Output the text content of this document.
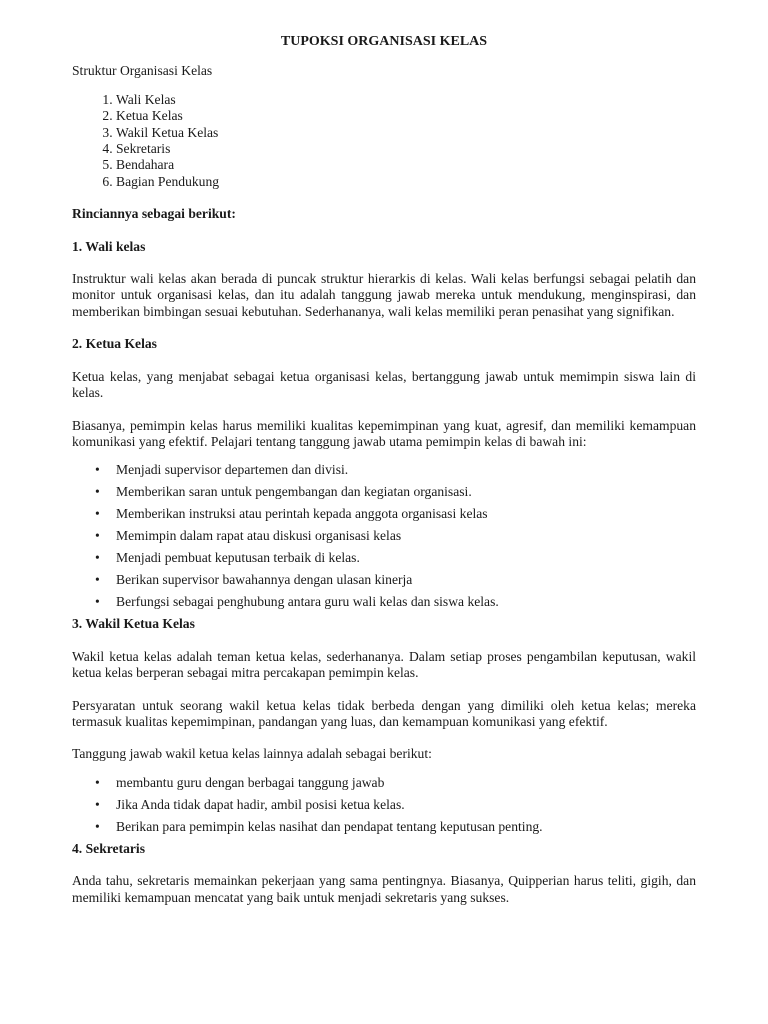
TUPOKSI ORGANISASI KELAS

Struktur Organisasi Kelas

1. Wali Kelas
2. Ketua Kelas
3. Wakil Ketua Kelas
4. Sekretaris
5. Bendahara
6. Bagian Pendukung

Rinciannya sebagai berikut:

1. Wali kelas

Instruktur wali kelas akan berada di puncak struktur hierarkis di kelas. Wali kelas berfungsi sebagai pelatih dan monitor untuk organisasi kelas, dan itu adalah tanggung jawab mereka untuk mendukung, menginspirasi, dan memberikan bimbingan sesuai kebutuhan. Sederhananya, wali kelas memiliki peran penasihat yang signifikan.

2. Ketua Kelas

Ketua kelas, yang menjabat sebagai ketua organisasi kelas, bertanggung jawab untuk memimpin siswa lain di kelas.

Biasanya, pemimpin kelas harus memiliki kualitas kepemimpinan yang kuat, agresif, dan memiliki kemampuan komunikasi yang efektif. Pelajari tentang tanggung jawab utama pemimpin kelas di bawah ini:

• Menjadi supervisor departemen dan divisi.
• Memberikan saran untuk pengembangan dan kegiatan organisasi.
• Memberikan instruksi atau perintah kepada anggota organisasi kelas
• Memimpin dalam rapat atau diskusi organisasi kelas
• Menjadi pembuat keputusan terbaik di kelas.
• Berikan supervisor bawahannya dengan ulasan kinerja
• Berfungsi sebagai penghubung antara guru wali kelas dan siswa kelas.

3. Wakil Ketua Kelas

Wakil ketua kelas adalah teman ketua kelas, sederhananya. Dalam setiap proses pengambilan keputusan, wakil ketua kelas berperan sebagai mitra percakapan pemimpin kelas.

Persyaratan untuk seorang wakil ketua kelas tidak berbeda dengan yang dimiliki oleh ketua kelas; mereka termasuk kualitas kepemimpinan, pandangan yang luas, dan kemampuan komunikasi yang efektif.

Tanggung jawab wakil ketua kelas lainnya adalah sebagai berikut:

• membantu guru dengan berbagai tanggung jawab
• Jika Anda tidak dapat hadir, ambil posisi ketua kelas.
• Berikan para pemimpin kelas nasihat dan pendapat tentang keputusan penting.

4. Sekretaris

Anda tahu, sekretaris memainkan pekerjaan yang sama pentingnya. Biasanya, Quipperian harus teliti, gigih, dan memiliki kemampuan mencatat yang baik untuk menjadi sekretaris yang sukses.
